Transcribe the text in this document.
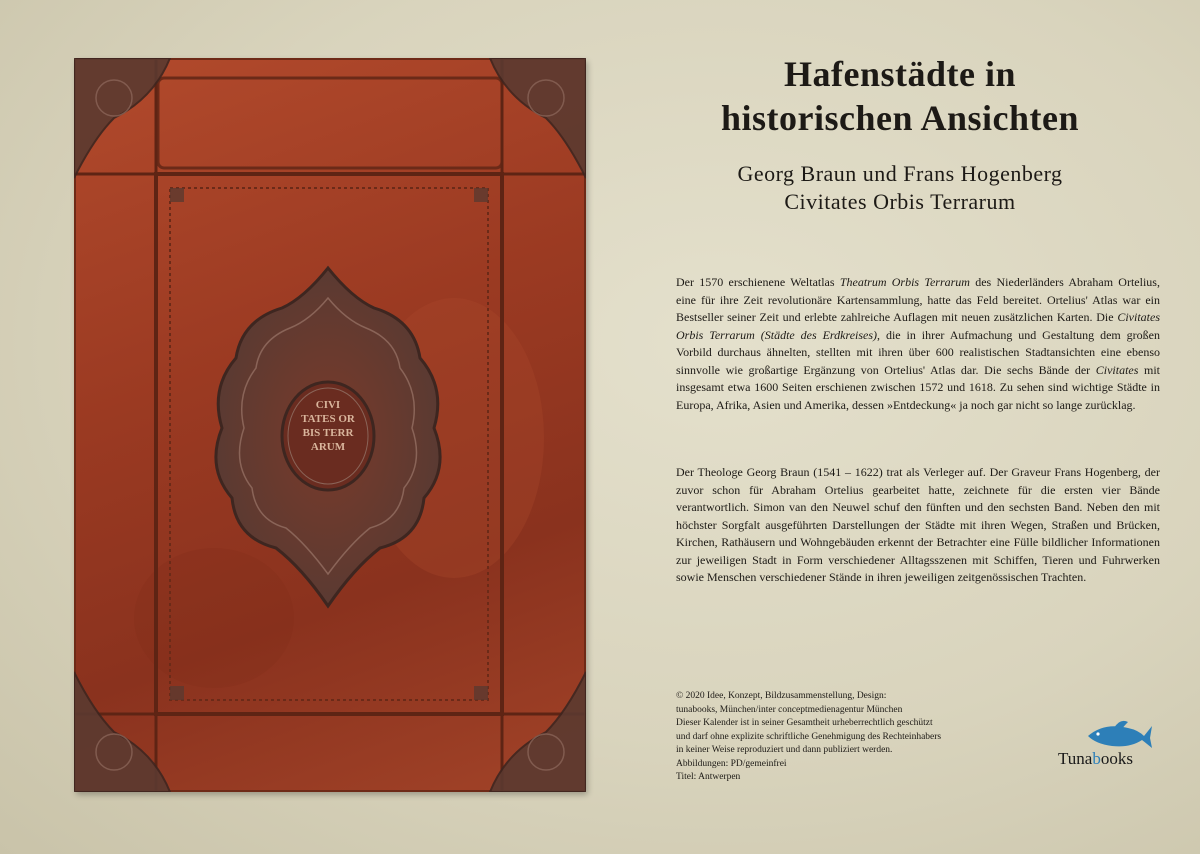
CIVI
TATES OR
BIS TERR
ARUM
Hafenstädte in
historischen Ansichten
Georg Braun und Frans Hogenberg
Civitates Orbis Terrarum
Der 1570 erschienene Weltatlas Theatrum Orbis Terrarum des Niederländers Abraham Ortelius, eine für ihre Zeit revolutionäre Kartensammlung, hatte das Feld bereitet. Ortelius' Atlas war ein Bestseller seiner Zeit und erlebte zahlreiche Auflagen mit neuen zusätzlichen Karten. Die Civitates Orbis Terrarum (Städte des Erdkreises), die in ihrer Aufmachung und Gestaltung dem großen Vorbild durchaus ähnelten, stellten mit ihren über 600 realistischen Stadtansichten eine ebenso sinnvolle wie großartige Ergänzung von Ortelius' Atlas dar. Die sechs Bände der Civitates mit insgesamt etwa 1600 Seiten erschienen zwischen 1572 und 1618. Zu sehen sind wichtige Städte in Europa, Afrika, Asien und Amerika, dessen »Entdeckung« ja noch gar nicht so lange zurücklag.
Der Theologe Georg Braun (1541 – 1622) trat als Verleger auf. Der Graveur Frans Hogenberg, der zuvor schon für Abraham Ortelius gearbeitet hatte, zeichnete für die ersten vier Bände verantwortlich. Simon van den Neuwel schuf den fünften und den sechsten Band. Neben den mit höchster Sorgfalt ausgeführten Darstellungen der Städte mit ihren Wegen, Straßen und Brücken, Kirchen, Rathäusern und Wohngebäuden erkennt der Betrachter eine Fülle bildlicher Informationen zur jeweiligen Stadt in Form verschiedener Alltagsszenen mit Schiffen, Tieren und Fuhrwerken sowie Menschen verschiedener Stände in ihren jeweiligen zeitgenössischen Trachten.
© 2020 Idee, Konzept, Bildzusammenstellung, Design:
tunabooks, München/inter conceptmedienagentur München
Dieser Kalender ist in seiner Gesamtheit urheberrechtlich geschützt
und darf ohne explizite schriftliche Genehmigung des Rechteinhabers
in keiner Weise reproduziert und dann publiziert werden.
Abbildungen: PD/gemeinfrei
Titel: Antwerpen
Tunabooks
